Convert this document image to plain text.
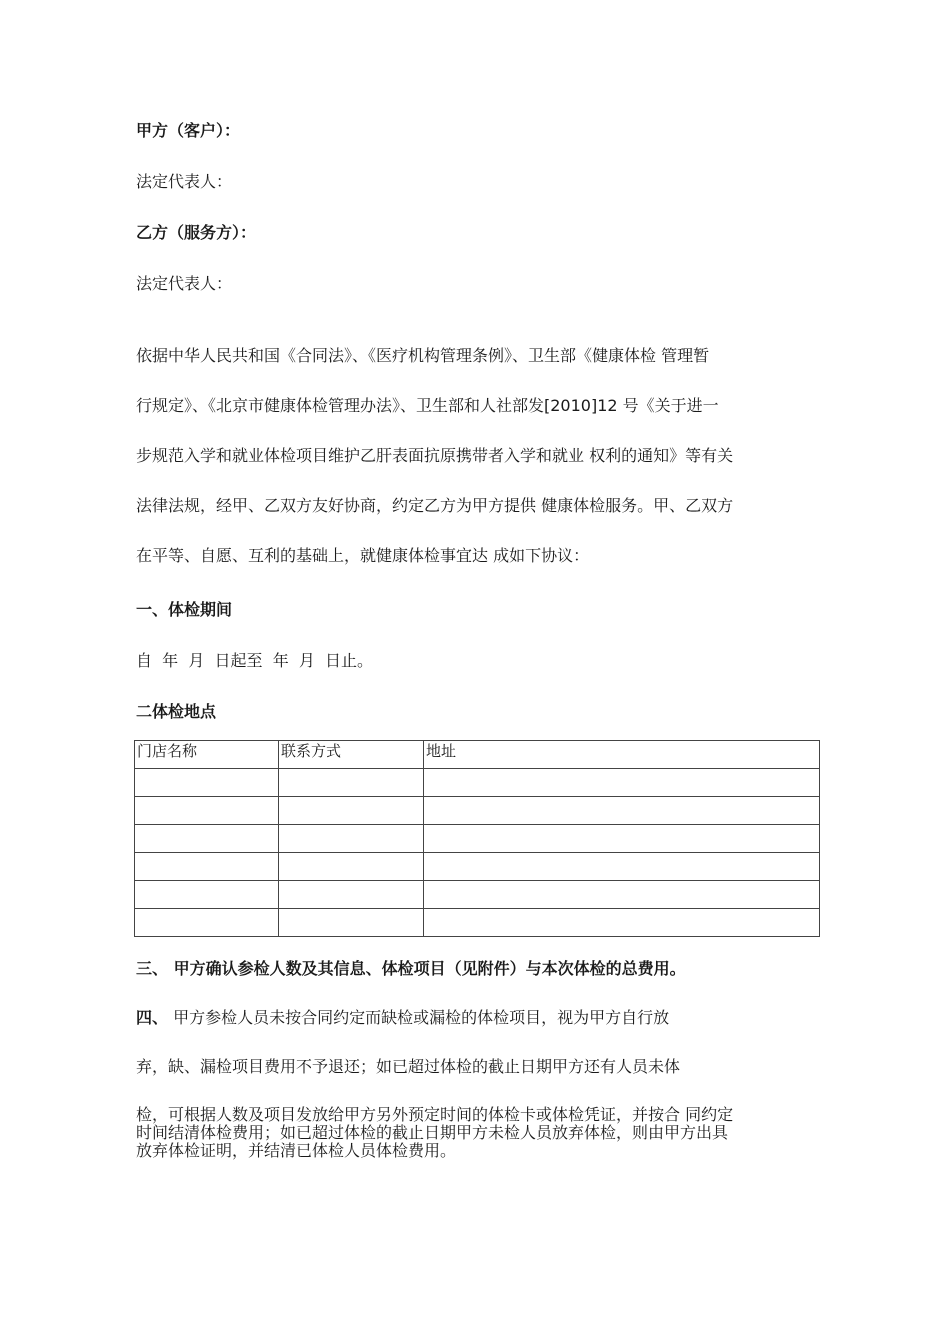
甲方（客户）：
法定代表人：
乙方（服务方）：
法定代表人：
依据中华人民共和国《合同法》、《医疗机构管理条例》、卫生部《健康体检 管理暂
行规定》、《北京市健康体检管理办法》、卫生部和人社部发[2010]12 号《关于进一
步规范入学和就业体检项目维护乙肝表面抗原携带者入学和就业 权利的通知》等有关
法律法规，经甲、乙双方友好协商，约定乙方为甲方提供 健康体检服务。甲、乙双方
在平等、自愿、互利的基础上，就健康体检事宜达 成如下协议：
一、体检期间
自  年  月  日起至  年  月  日止。
二体检地点
门店名称	联系方式	地址

三、 甲方确认参检人数及其信息、体检项目（见附件）与本次体检的总费用。
四、 甲方参检人员未按合同约定而缺检或漏检的体检项目，视为甲方自行放
弃，缺、漏检项目费用不予退还；如已超过体检的截止日期甲方还有人员未体
检，可根据人数及项目发放给甲方另外预定时间的体检卡或体检凭证，并按合 同约定
时间结清体检费用；如已超过体检的截止日期甲方未检人员放弃体检，则由甲方出具
放弃体检证明，并结清已体检人员体检费用。
